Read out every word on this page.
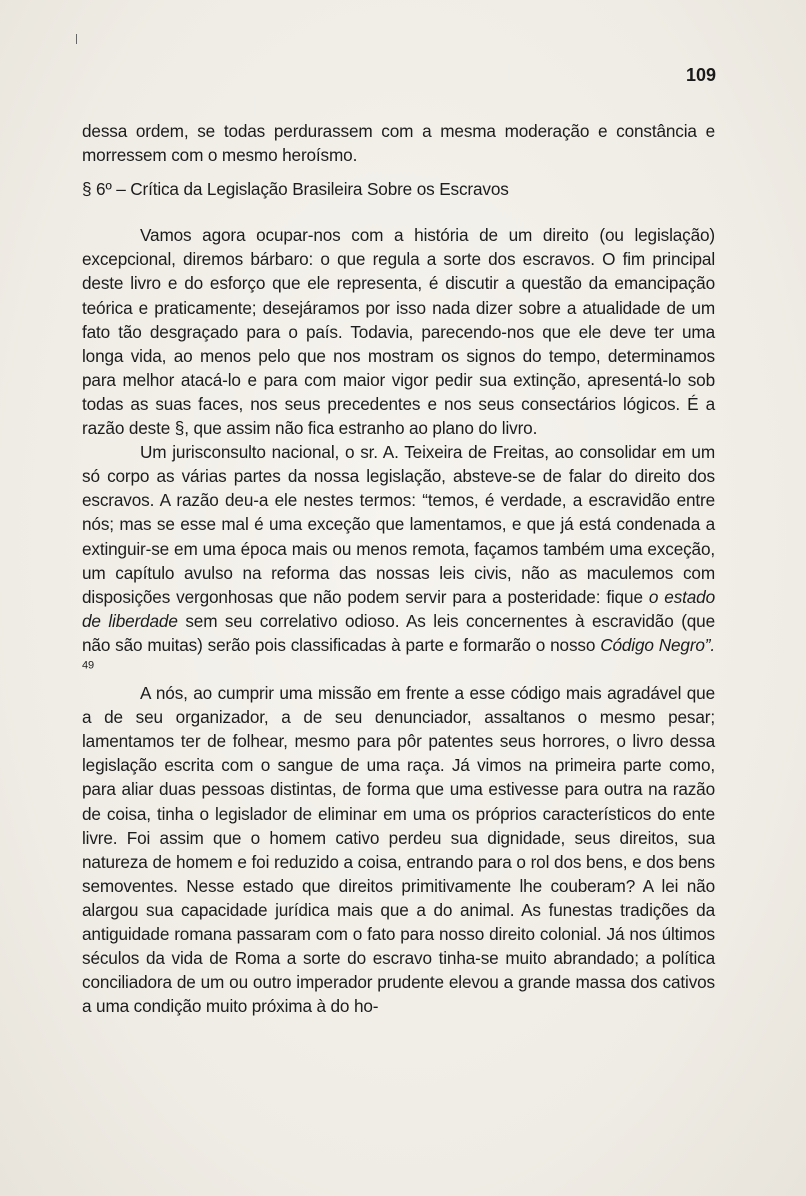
109

dessa ordem, se todas perdurassem com a mesma moderação e constância e morressem com o mesmo heroísmo.

§ 6º – Crítica da Legislação Brasileira Sobre os Escravos

Vamos agora ocupar-nos com a história de um direito (ou legislação) excepcional, diremos bárbaro: o que regula a sorte dos escravos. O fim principal deste livro e do esforço que ele representa, é discutir a questão da emancipação teórica e praticamente; desejáramos por isso nada dizer sobre a atualidade de um fato tão desgraçado para o país. Todavia, parecendo-nos que ele deve ter uma longa vida, ao menos pelo que nos mostram os signos do tempo, determinamos para melhor atacá-lo e para com maior vigor pedir sua extinção, apresentá-lo sob todas as suas faces, nos seus precedentes e nos seus consectários lógicos. É a razão deste §, que assim não fica estranho ao plano do livro.

Um jurisconsulto nacional, o sr. A. Teixeira de Freitas, ao consolidar em um só corpo as várias partes da nossa legislação, absteve-se de falar do direito dos escravos. A razão deu-a ele nestes termos: “temos, é verdade, a escravidão entre nós; mas se esse mal é uma exceção que lamentamos, e que já está condenada a extinguir-se em uma época mais ou menos remota, façamos também uma exceção, um capítulo avulso na reforma das nossas leis civis, não as maculemos com disposições vergonhosas que não podem servir para a posteridade: fique o estado de liberdade sem seu correlativo odioso. As leis concernentes à escravidão (que não são muitas) serão pois classificadas à parte e formarão o nosso Código Negro”. $^{49}$

A nós, ao cumprir uma missão em frente a esse código mais agradável que a de seu organizador, a de seu denunciador, assaltanos o mesmo pesar; lamentamos ter de folhear, mesmo para pôr patentes seus horrores, o livro dessa legislação escrita com o sangue de uma raça. Já vimos na primeira parte como, para aliar duas pessoas distintas, de forma que uma estivesse para outra na razão de coisa, tinha o legislador de eliminar em uma os próprios característicos do ente livre. Foi assim que o homem cativo perdeu sua dignidade, seus direitos, sua natureza de homem e foi reduzido a coisa, entrando para o rol dos bens, e dos bens semoventes. Nesse estado que direitos primitivamente lhe couberam? A lei não alargou sua capacidade jurídica mais que a do animal. As funestas tradições da antiguidade romana passaram com o fato para nosso direito colonial. Já nos últimos séculos da vida de Roma a sorte do escravo tinha-se muito abrandado; a política conciliadora de um ou outro imperador prudente elevou a grande massa dos cativos a uma condição muito próxima à do ho-
